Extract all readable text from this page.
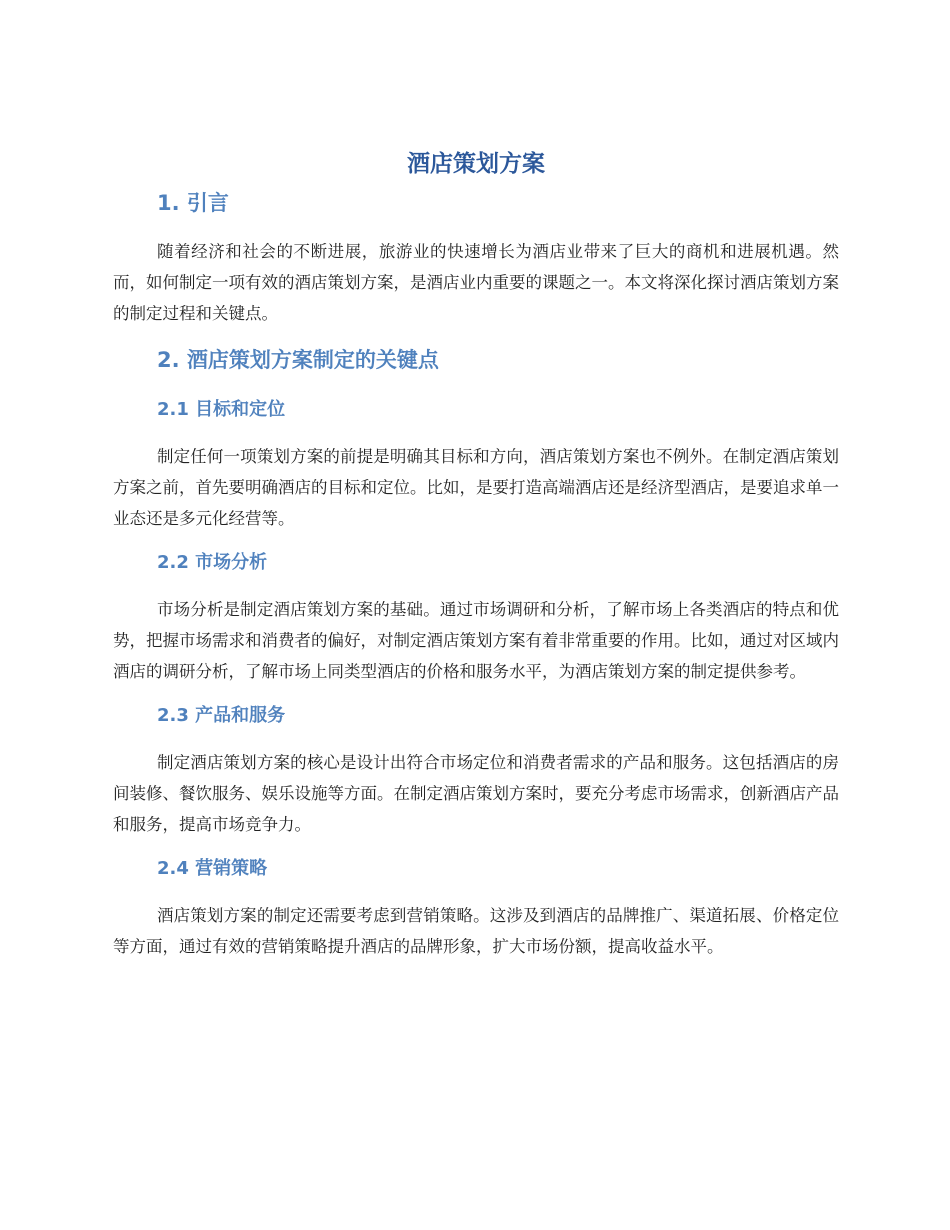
酒店策划方案
1. 引言

随着经济和社会的不断进展，旅游业的快速增长为酒店业带来了巨大的商机和进展机遇。然而，如何制定一项有效的酒店策划方案，是酒店业内重要的课题之一。本文将深化探讨酒店策划方案的制定过程和关键点。

2. 酒店策划方案制定的关键点
2.1 目标和定位

制定任何一项策划方案的前提是明确其目标和方向，酒店策划方案也不例外。在制定酒店策划方案之前，首先要明确酒店的目标和定位。比如，是要打造高端酒店还是经济型酒店，是要追求单一业态还是多元化经营等。

2.2 市场分析

市场分析是制定酒店策划方案的基础。通过市场调研和分析，了解市场上各类酒店的特点和优势，把握市场需求和消费者的偏好，对制定酒店策划方案有着非常重要的作用。比如，通过对区域内酒店的调研分析，了解市场上同类型酒店的价格和服务水平，为酒店策划方案的制定提供参考。

2.3 产品和服务

制定酒店策划方案的核心是设计出符合市场定位和消费者需求的产品和服务。这包括酒店的房间装修、餐饮服务、娱乐设施等方面。在制定酒店策划方案时，要充分考虑市场需求，创新酒店产品和服务，提高市场竞争力。

2.4 营销策略

酒店策划方案的制定还需要考虑到营销策略。这涉及到酒店的品牌推广、渠道拓展、价格定位等方面，通过有效的营销策略提升酒店的品牌形象，扩大市场份额，提高收益水平。
